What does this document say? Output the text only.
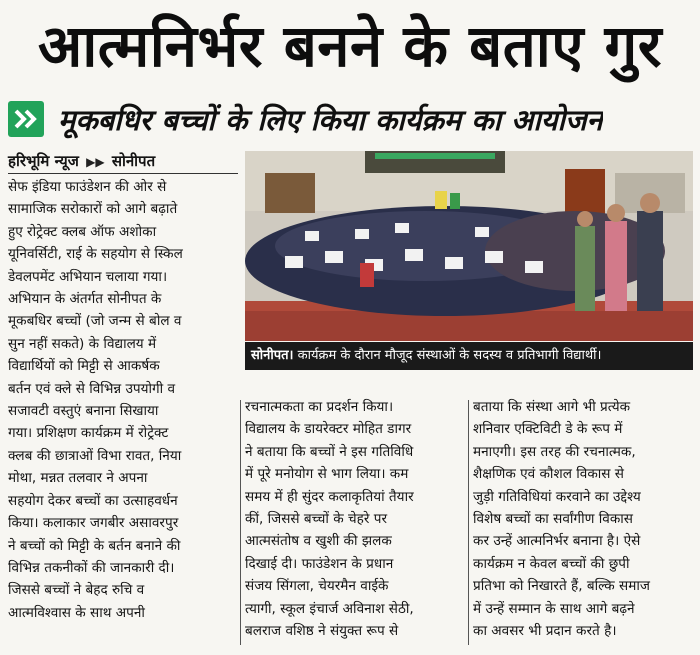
आत्मनिर्भर बनने के बताए गुर
मूकबधिर बच्चों के लिए किया कार्यक्रम का आयोजन
हरिभूमि न्यूज ▶▶ सोनीपत

सेफ इंडिया फाउंडेशन की ओर से

सामाजिक सरोकारों को आगे बढ़ाते

हुए रोट्रेक्ट क्लब ऑफ अशोका

यूनिवर्सिटी, राई के सहयोग से स्किल

डेवलपमेंट अभियान चलाया गया।

अभियान के अंतर्गत सोनीपत के

मूकबधिर बच्चों (जो जन्म से बोल व

सुन नहीं सकते) के विद्यालय में

विद्यार्थियों को मिट्टी से आकर्षक

बर्तन एवं क्ले से विभिन्न उपयोगी व

सजावटी वस्तुएं बनाना सिखाया

गया। प्रशिक्षण कार्यक्रम में रोट्रेक्ट

क्लब की छात्राओं विभा रावत, निया

मोथा, मन्नत तलवार ने अपना

सहयोग देकर बच्चों का उत्साहवर्धन

किया। कलाकार जगबीर असावरपुर

ने बच्चों को मिट्टी के बर्तन बनाने की

विभिन्न तकनीकों की जानकारी दी।

जिससे बच्चों ने बेहद रुचि व

आत्मविश्वास के साथ अपनी

रचनात्मकता का प्रदर्शन किया।

विद्यालय के डायरेक्टर मोहित डागर

ने बताया कि बच्चों ने इस गतिविधि

में पूरे मनोयोग से भाग लिया। कम

समय में ही सुंदर कलाकृतियां तैयार

कीं, जिससे बच्चों के चेहरे पर

आत्मसंतोष व खुशी की झलक

दिखाई दी। फाउंडेशन के प्रधान

संजय सिंगला, चेयरमैन वाईके

त्यागी, स्कूल इंचार्ज अविनाश सेठी,

बलराज वशिष्ठ ने संयुक्त रूप से

बताया कि संस्था आगे भी प्रत्येक

शनिवार एक्टिविटी डे के रूप में

मनाएगी। इस तरह की रचनात्मक,

शैक्षणिक एवं कौशल विकास से

जुड़ी गतिविधियां करवाने का उद्देश्य

विशेष बच्चों का सर्वांगीण विकास

कर उन्हें आत्मनिर्भर बनाना है। ऐसे

कार्यक्रम न केवल बच्चों की छुपी

प्रतिभा को निखारते हैं, बल्कि समाज

में उन्हें सम्मान के साथ आगे बढ़ने

का अवसर भी प्रदान करते है।

सोनीपत। कार्यक्रम के दौरान मौजूद संस्थाओं के सदस्य व प्रतिभागी विद्यार्थी।
